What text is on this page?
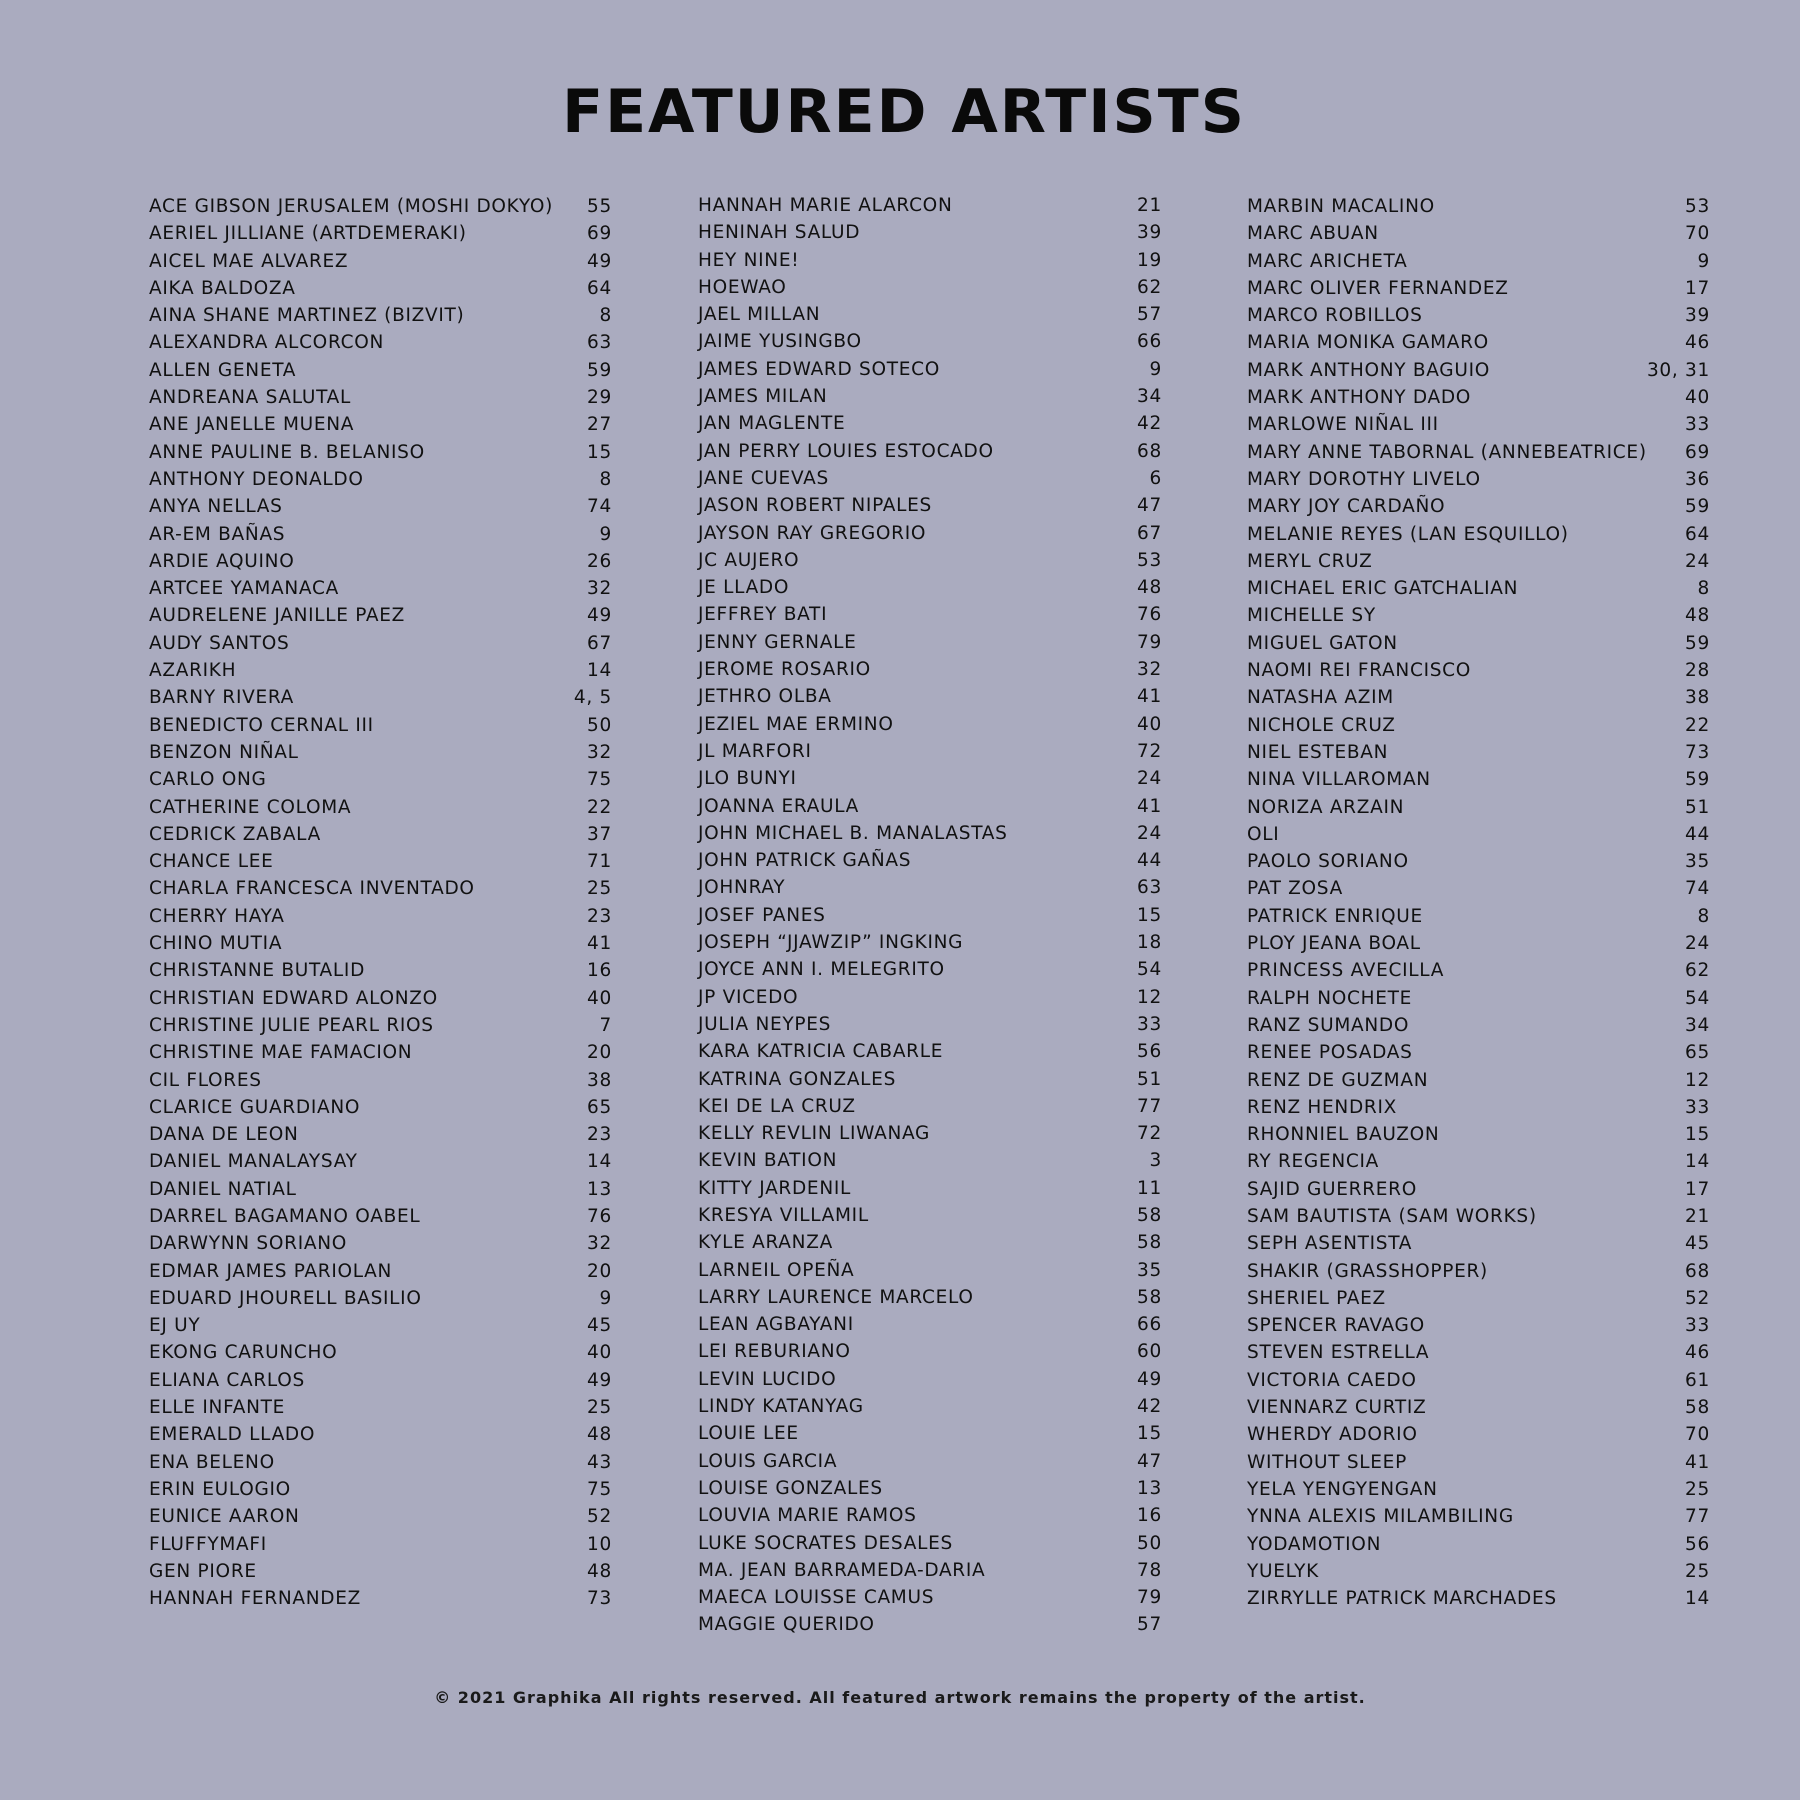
FEATURED ARTISTS
ACE GIBSON JERUSALEM (MOSHI DOKYO)	55
AERIEL JILLIANE (ARTDEMERAKI)	69
AICEL MAE ALVAREZ	49
AIKA BALDOZA	64
AINA SHANE MARTINEZ (BIZVIT)	8
ALEXANDRA ALCORCON	63
ALLEN GENETA	59
ANDREANA SALUTAL	29
ANE JANELLE MUENA	27
ANNE PAULINE B. BELANISO	15
ANTHONY DEONALDO	8
ANYA NELLAS	74
AR-EM BAÑAS	9
ARDIE AQUINO	26
ARTCEE YAMANACA	32
AUDRELENE JANILLE PAEZ	49
AUDY SANTOS	67
AZARIKH	14
BARNY RIVERA	4, 5
BENEDICTO CERNAL III	50
BENZON NIÑAL	32
CARLO ONG	75
CATHERINE COLOMA	22
CEDRICK ZABALA	37
CHANCE LEE	71
CHARLA FRANCESCA INVENTADO	25
CHERRY HAYA	23
CHINO MUTIA	41
CHRISTANNE BUTALID	16
CHRISTIAN EDWARD ALONZO	40
CHRISTINE JULIE PEARL RIOS	7
CHRISTINE MAE FAMACION	20
CIL FLORES	38
CLARICE GUARDIANO	65
DANA DE LEON	23
DANIEL MANALAYSAY	14
DANIEL NATIAL	13
DARREL BAGAMANO OABEL	76
DARWYNN SORIANO	32
EDMAR JAMES PARIOLAN	20
EDUARD JHOURELL BASILIO	9
EJ UY	45
EKONG CARUNCHO	40
ELIANA CARLOS	49
ELLE INFANTE	25
EMERALD LLADO	48
ENA BELENO	43
ERIN EULOGIO	75
EUNICE AARON	52
FLUFFYMAFI	10
GEN PIORE	48
HANNAH FERNANDEZ	73
HANNAH MARIE ALARCON	21
HENINAH SALUD	39
HEY NINE!	19
HOEWAO	62
JAEL MILLAN	57
JAIME YUSINGBO	66
JAMES EDWARD SOTECO	9
JAMES MILAN	34
JAN MAGLENTE	42
JAN PERRY LOUIES ESTOCADO	68
JANE CUEVAS	6
JASON ROBERT NIPALES	47
JAYSON RAY GREGORIO	67
JC AUJERO	53
JE LLADO	48
JEFFREY BATI	76
JENNY GERNALE	79
JEROME ROSARIO	32
JETHRO OLBA	41
JEZIEL MAE ERMINO	40
JL MARFORI	72
JLO BUNYI	24
JOANNA ERAULA	41
JOHN MICHAEL B. MANALASTAS	24
JOHN PATRICK GAÑAS	44
JOHNRAY	63
JOSEF PANES	15
JOSEPH “JJAWZIP” INGKING	18
JOYCE ANN I. MELEGRITO	54
JP VICEDO	12
JULIA NEYPES	33
KARA KATRICIA CABARLE	56
KATRINA GONZALES	51
KEI DE LA CRUZ	77
KELLY REVLIN LIWANAG	72
KEVIN BATION	3
KITTY JARDENIL	11
KRESYA VILLAMIL	58
KYLE ARANZA	58
LARNEIL OPEÑA	35
LARRY LAURENCE MARCELO	58
LEAN AGBAYANI	66
LEI REBURIANO	60
LEVIN LUCIDO	49
LINDY KATANYAG	42
LOUIE LEE	15
LOUIS GARCIA	47
LOUISE GONZALES	13
LOUVIA MARIE RAMOS	16
LUKE SOCRATES DESALES	50
MA. JEAN BARRAMEDA-DARIA	78
MAECA LOUISSE CAMUS	79
MAGGIE QUERIDO	57
MARBIN MACALINO	53
MARC ABUAN	70
MARC ARICHETA	9
MARC OLIVER FERNANDEZ	17
MARCO ROBILLOS	39
MARIA MONIKA GAMARO	46
MARK ANTHONY BAGUIO	30, 31
MARK ANTHONY DADO	40
MARLOWE NIÑAL III	33
MARY ANNE TABORNAL (ANNEBEATRICE)	69
MARY DOROTHY LIVELO	36
MARY JOY CARDAÑO	59
MELANIE REYES (LAN ESQUILLO)	64
MERYL CRUZ	24
MICHAEL ERIC GATCHALIAN	8
MICHELLE SY	48
MIGUEL GATON	59
NAOMI REI FRANCISCO	28
NATASHA AZIM	38
NICHOLE CRUZ	22
NIEL ESTEBAN	73
NINA VILLAROMAN	59
NORIZA ARZAIN	51
OLI	44
PAOLO SORIANO	35
PAT ZOSA	74
PATRICK ENRIQUE	8
PLOY JEANA BOAL	24
PRINCESS AVECILLA	62
RALPH NOCHETE	54
RANZ SUMANDO	34
RENEE POSADAS	65
RENZ DE GUZMAN	12
RENZ HENDRIX	33
RHONNIEL BAUZON	15
RY REGENCIA	14
SAJID GUERRERO	17
SAM BAUTISTA (SAM WORKS)	21
SEPH ASENTISTA	45
SHAKIR (GRASSHOPPER)	68
SHERIEL PAEZ	52
SPENCER RAVAGO	33
STEVEN ESTRELLA	46
VICTORIA CAEDO	61
VIENNARZ CURTIZ	58
WHERDY ADORIO	70
WITHOUT SLEEP	41
YELA YENGYENGAN	25
YNNA ALEXIS MILAMBILING	77
YODAMOTION	56
YUELYK	25
ZIRRYLLE PATRICK MARCHADES	14
© 2021 Graphika All rights reserved. All featured artwork remains the property of the artist.
